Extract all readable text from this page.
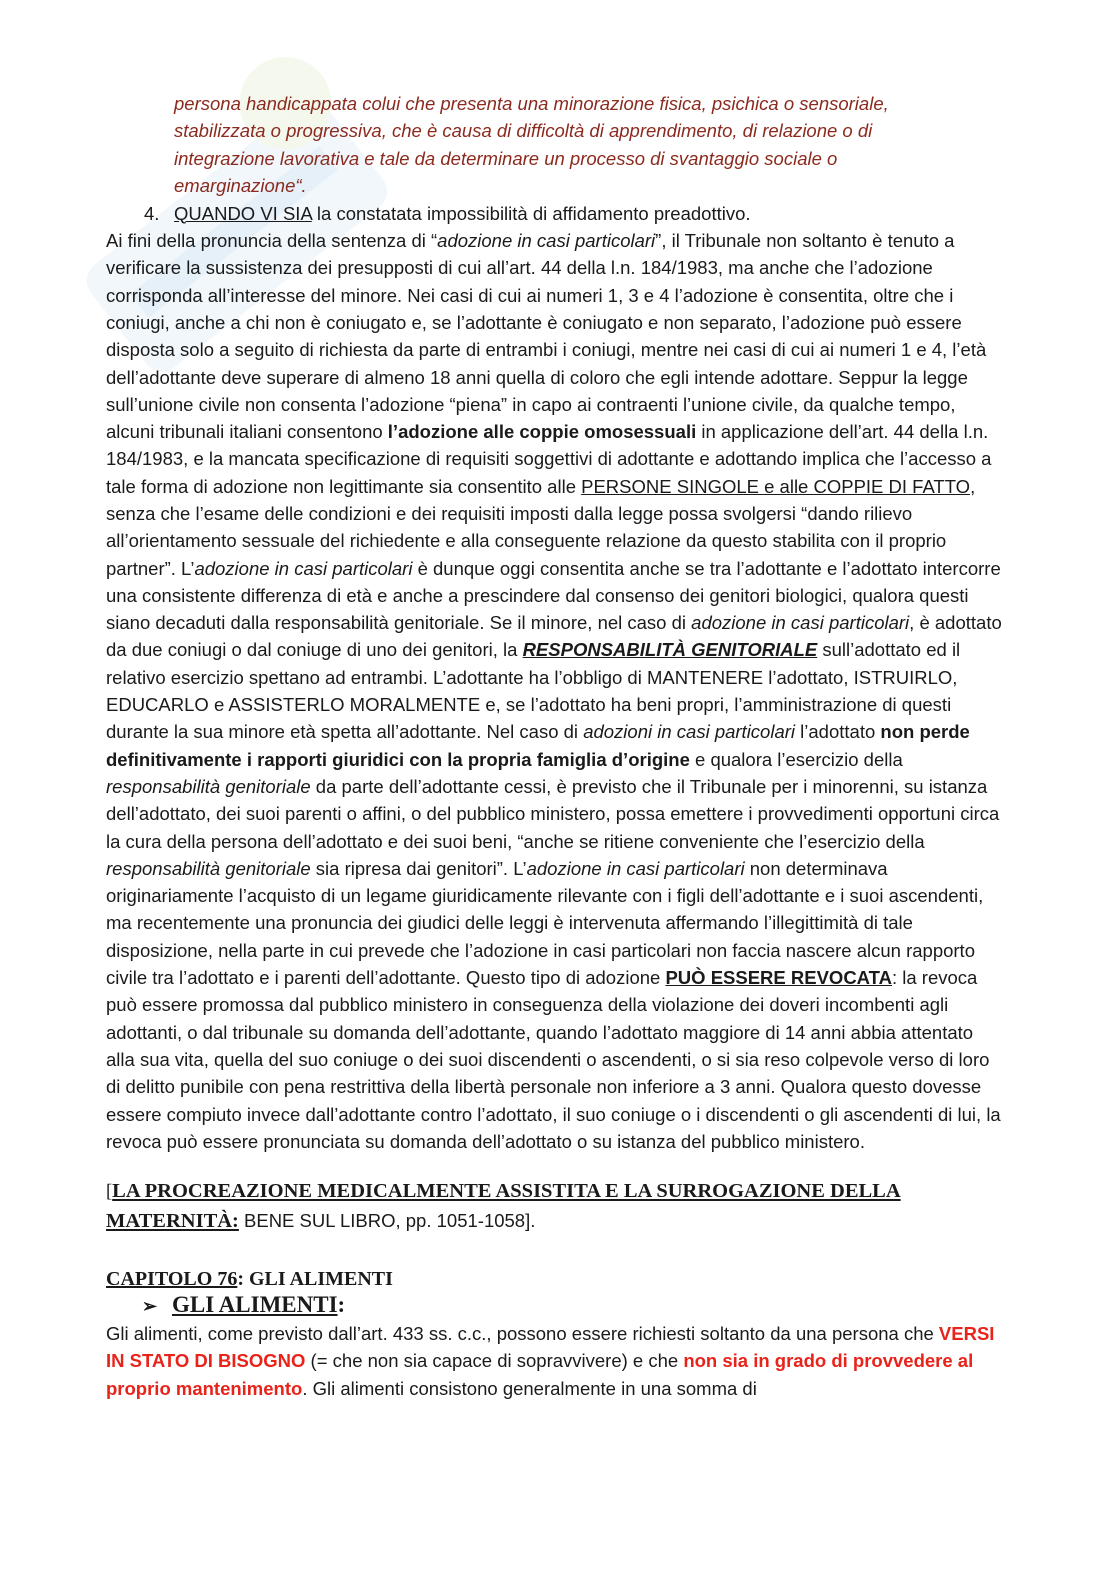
persona handicappata colui che presenta una minorazione fisica, psichica o sensoriale,
stabilizzata o progressiva, che è causa di difficoltà di apprendimento, di relazione o di
integrazione lavorativa e tale da determinare un processo di svantaggio sociale o
emarginazione“.
4. QUANDO VI SIA la constatata impossibilità di affidamento preadottivo.

Ai fini della pronuncia della sentenza di “adozione in casi particolari”, il Tribunale non soltanto è tenuto a verificare la sussistenza dei presupposti di cui all’art. 44 della l.n. 184/1983, ma anche che l’adozione corrisponda all’interesse del minore. Nei casi di cui ai numeri 1, 3 e 4 l’adozione è consentita, oltre che i coniugi, anche a chi non è coniugato e, se l’adottante è coniugato e non separato, l’adozione può essere disposta solo a seguito di richiesta da parte di entrambi i coniugi, mentre nei casi di cui ai numeri 1 e 4, l’età dell’adottante deve superare di almeno 18 anni quella di coloro che egli intende adottare. Seppur la legge sull’unione civile non consenta l’adozione “piena” in capo ai contraenti l’unione civile, da qualche tempo, alcuni tribunali italiani consentono l’adozione alle coppie omosessuali in applicazione dell’art. 44 della l.n. 184/1983, e la mancata specificazione di requisiti soggettivi di adottante e adottando implica che l’accesso a tale forma di adozione non legittimante sia consentito alle PERSONE SINGOLE e alle COPPIE DI FATTO, senza che l’esame delle condizioni e dei requisiti imposti dalla legge possa svolgersi “dando rilievo all’orientamento sessuale del richiedente e alla conseguente relazione da questo stabilita con il proprio partner”. L’adozione in casi particolari è dunque oggi consentita anche se tra l’adottante e l’adottato intercorre una consistente differenza di età e anche a prescindere dal consenso dei genitori biologici, qualora questi siano decaduti dalla responsabilità genitoriale. Se il minore, nel caso di adozione in casi particolari, è adottato da due coniugi o dal coniuge di uno dei genitori, la RESPONSABILITÀ GENITORIALE sull’adottato ed il relativo esercizio spettano ad entrambi. L’adottante ha l’obbligo di MANTENERE l’adottato, ISTRUIRLO, EDUCARLO e ASSISTERLO MORALMENTE e, se l’adottato ha beni propri, l’amministrazione di questi durante la sua minore età spetta all’adottante. Nel caso di adozioni in casi particolari l’adottato non perde definitivamente i rapporti giuridici con la propria famiglia d’origine e qualora l’esercizio della responsabilità genitoriale da parte dell’adottante cessi, è previsto che il Tribunale per i minorenni, su istanza dell’adottato, dei suoi parenti o affini, o del pubblico ministero, possa emettere i provvedimenti opportuni circa la cura della persona dell’adottato e dei suoi beni, “anche se ritiene conveniente che l’esercizio della responsabilità genitoriale sia ripresa dai genitori”. L’adozione in casi particolari non determinava originariamente l’acquisto di un legame giuridicamente rilevante con i figli dell’adottante e i suoi ascendenti, ma recentemente una pronuncia dei giudici delle leggi è intervenuta affermando l’illegittimità di tale disposizione, nella parte in cui prevede che l’adozione in casi particolari non faccia nascere alcun rapporto civile tra l’adottato e i parenti dell’adottante. Questo tipo di adozione PUÒ ESSERE REVOCATA: la revoca può essere promossa dal pubblico ministero in conseguenza della violazione dei doveri incombenti agli adottanti, o dal tribunale su domanda dell’adottante, quando l’adottato maggiore di 14 anni abbia attentato alla sua vita, quella del suo coniuge o dei suoi discendenti o ascendenti, o si sia reso colpevole verso di loro di delitto punibile con pena restrittiva della libertà personale non inferiore a 3 anni. Qualora questo dovesse essere compiuto invece dall’adottante contro l’adottato, il suo coniuge o i discendenti o gli ascendenti di lui, la revoca può essere pronunciata su domanda dell’adottato o su istanza del pubblico ministero.

[LA PROCREAZIONE MEDICALMENTE ASSISTITA E LA SURROGAZIONE DELLA MATERNITÀ: BENE SUL LIBRO, pp. 1051-1058].
CAPITOLO 76: GLI ALIMENTI
➢ GLI ALIMENTI:

Gli alimenti, come previsto dall’art. 433 ss. c.c., possono essere richiesti soltanto da una persona che VERSI IN STATO DI BISOGNO (= che non sia capace di sopravvivere) e che non sia in grado di provvedere al proprio mantenimento. Gli alimenti consistono generalmente in una somma di
